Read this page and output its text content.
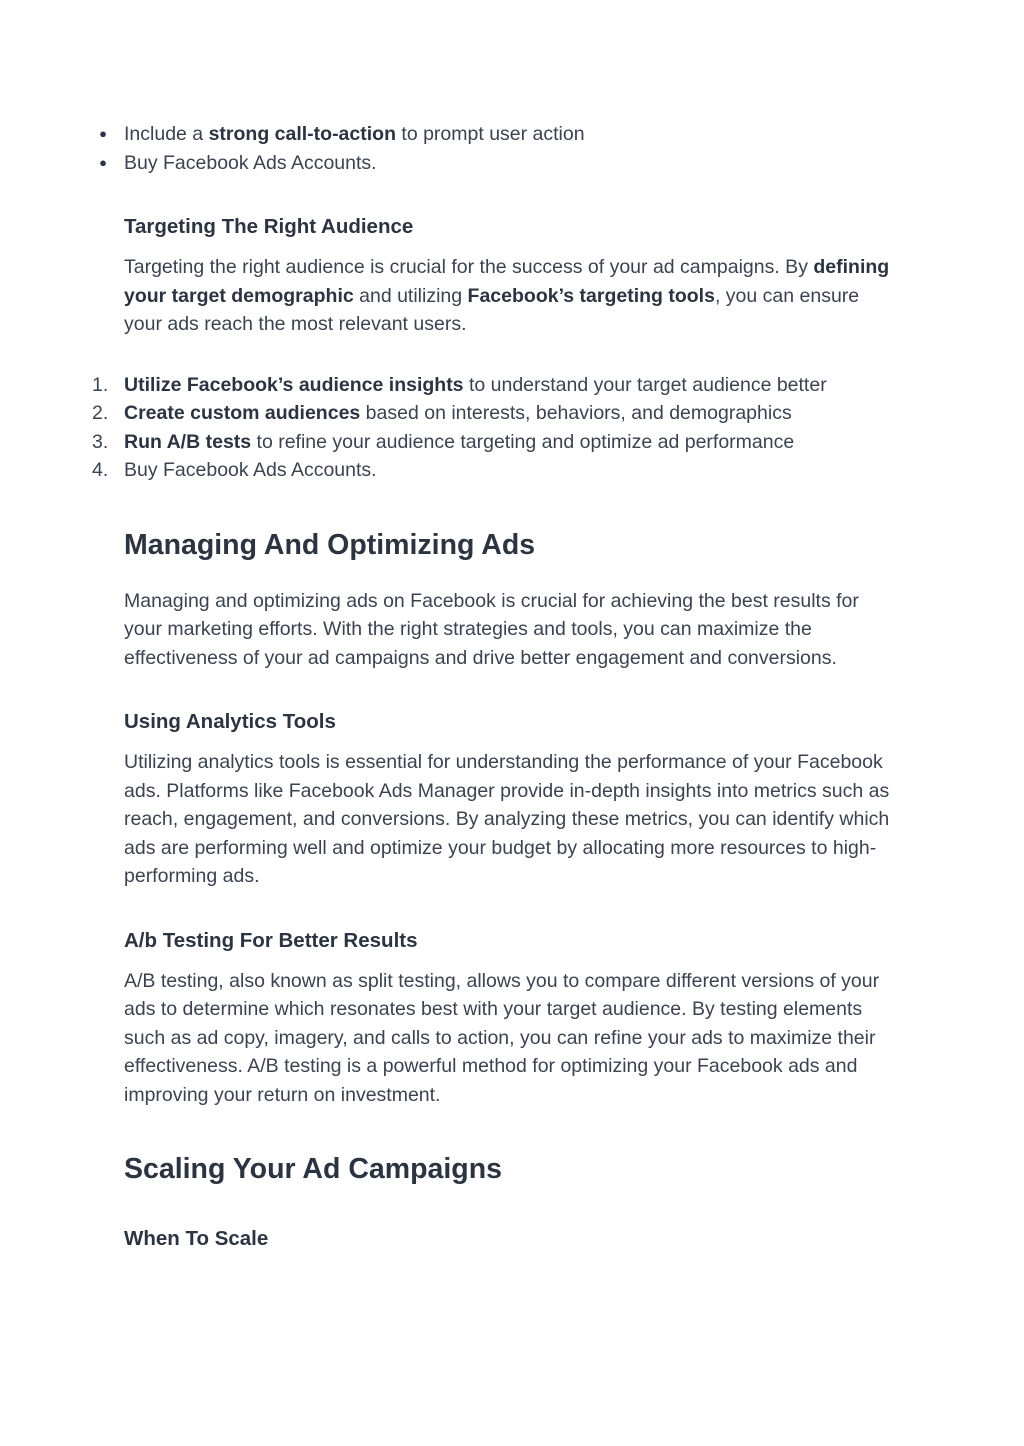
● Include a strong call-to-action to prompt user action
● Buy Facebook Ads Accounts.
Targeting The Right Audience

Targeting the right audience is crucial for the success of your ad campaigns. By defining your target demographic and utilizing Facebook’s targeting tools, you can ensure your ads reach the most relevant users.

1. Utilize Facebook’s audience insights to understand your target audience better
2. Create custom audiences based on interests, behaviors, and demographics
3. Run A/B tests to refine your audience targeting and optimize ad performance
4. Buy Facebook Ads Accounts.
Managing And Optimizing Ads

Managing and optimizing ads on Facebook is crucial for achieving the best results for your marketing efforts. With the right strategies and tools, you can maximize the effectiveness of your ad campaigns and drive better engagement and conversions.

Using Analytics Tools

Utilizing analytics tools is essential for understanding the performance of your Facebook ads. Platforms like Facebook Ads Manager provide in-depth insights into metrics such as reach, engagement, and conversions. By analyzing these metrics, you can identify which ads are performing well and optimize your budget by allocating more resources to high-performing ads.

A/b Testing For Better Results

A/B testing, also known as split testing, allows you to compare different versions of your ads to determine which resonates best with your target audience. By testing elements such as ad copy, imagery, and calls to action, you can refine your ads to maximize their effectiveness. A/B testing is a powerful method for optimizing your Facebook ads and improving your return on investment.

Scaling Your Ad Campaigns
When To Scale
